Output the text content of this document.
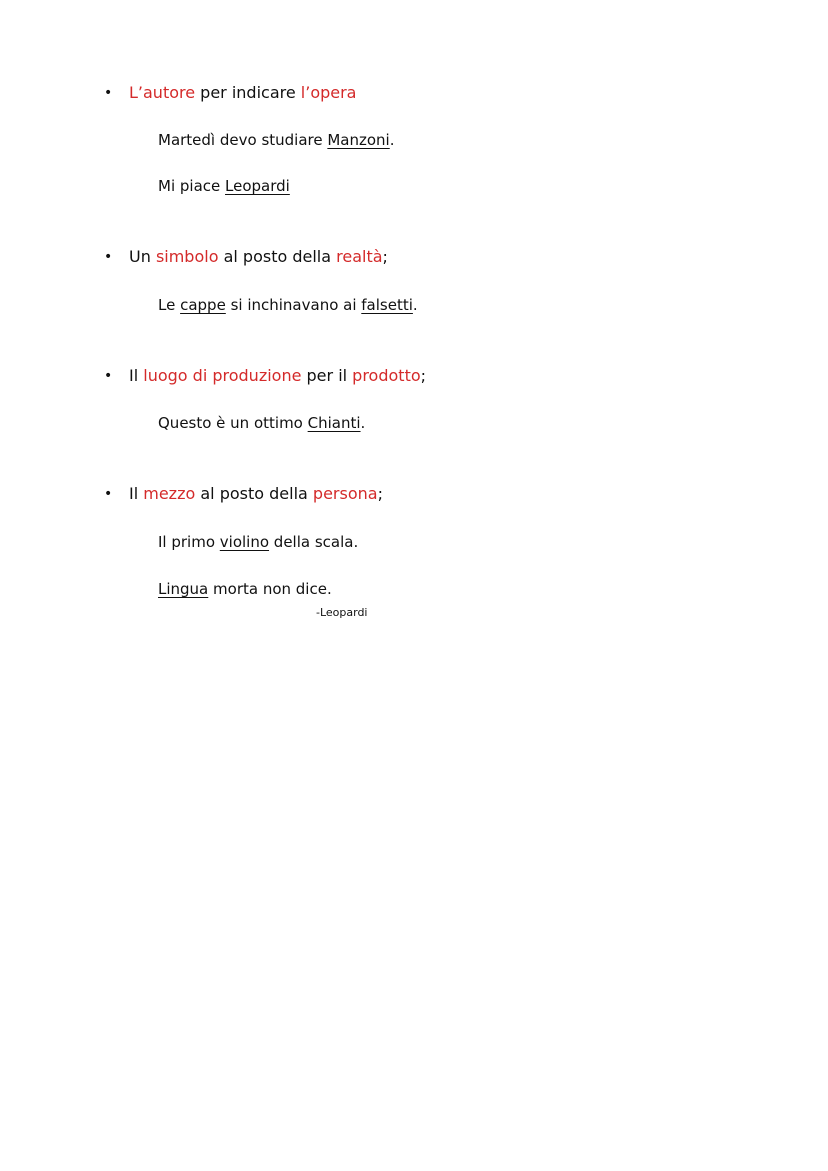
• L’autore per indicare l’opera
Martedì devo studiare Manzoni.
Mi piace Leopardi
• Un simbolo al posto della realtà;
Le cappe si inchinavano ai falsetti.
• Il luogo di produzione per il prodotto;
Questo è un ottimo Chianti.
• Il mezzo al posto della persona;
Il primo violino della scala.
Lingua morta non dice.
-Leopardi
